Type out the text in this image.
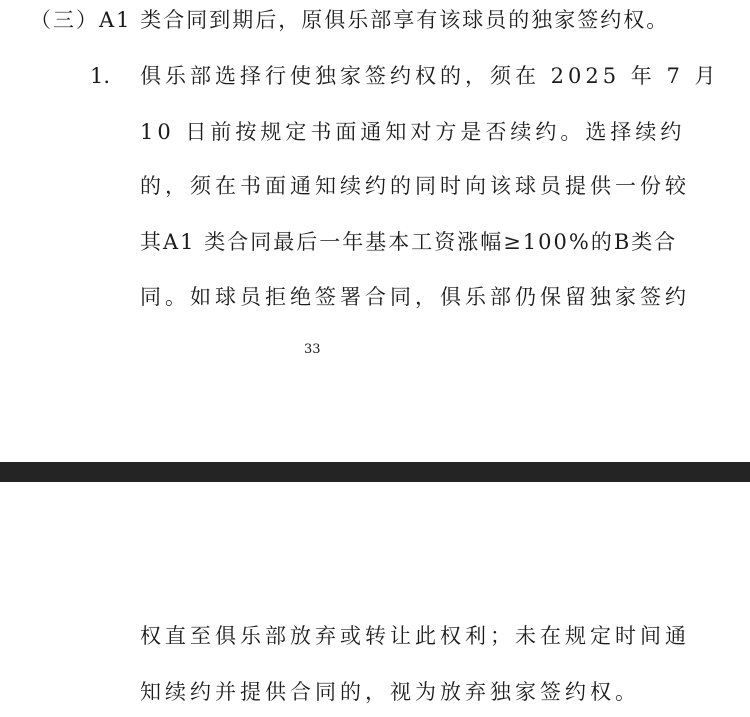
（三）A1 类合同到期后，原俱乐部享有该球员的独家签约权。
1. 俱乐部选择行使独家签约权的，须在 2025 年 7 月
10 日前按规定书面通知对方是否续约。选择续约
的，须在书面通知续约的同时向该球员提供一份较
其A1 类合同最后一年基本工资涨幅≥100%的B类合
同。如球员拒绝签署合同，俱乐部仍保留独家签约
33
权直至俱乐部放弃或转让此权利；未在规定时间通
知续约并提供合同的，视为放弃独家签约权。
